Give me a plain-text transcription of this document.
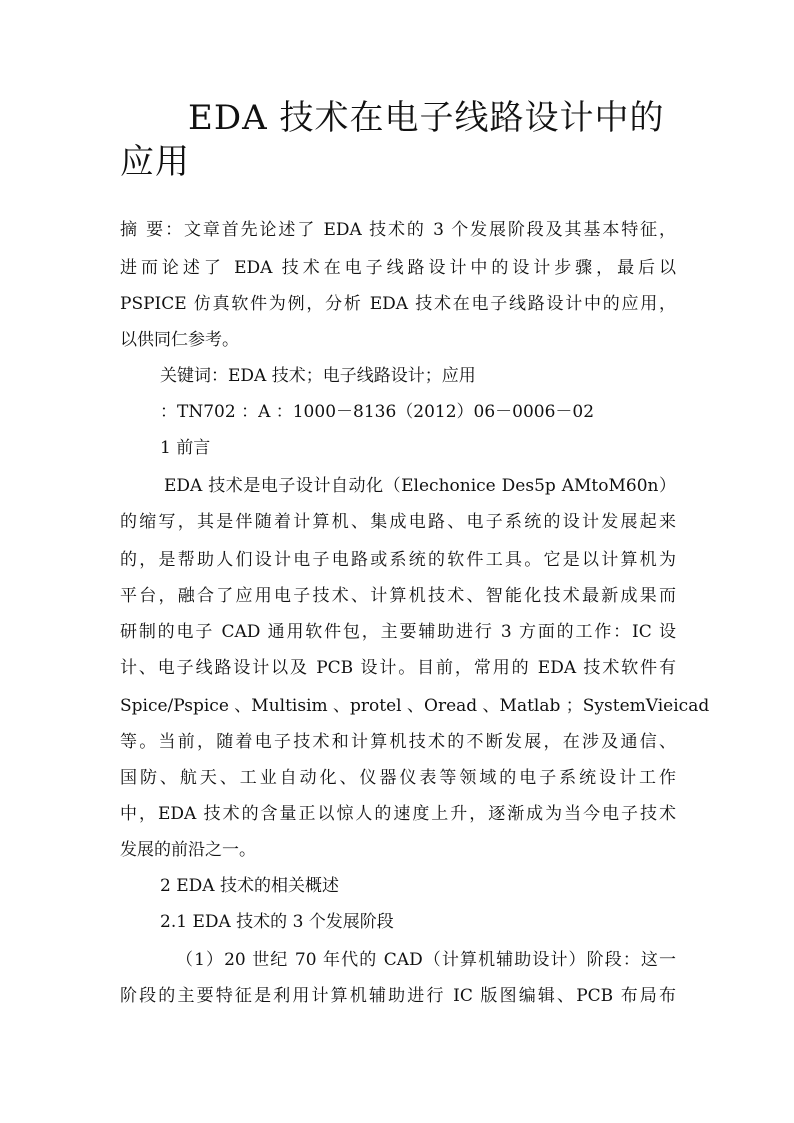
EDA 技术在电子线路设计中的应用
摘 要：文章首先论述了 EDA 技术的 3 个发展阶段及其基本特征，
进而论述了 EDA 技术在电子线路设计中的设计步骤，最后以
PSPICE 仿真软件为例，分析 EDA 技术在电子线路设计中的应用，
以供同仁参考。
关键词：EDA 技术；电子线路设计；应用
：TN702 ：A ：1000－8136（2012）06－0006－02
1 前言
EDA 技术是电子设计自动化（Elechonice Des5p AMtoM60n）
的缩写，其是伴随着计算机、集成电路、电子系统的设计发展起来
的，是帮助人们设计电子电路或系统的软件工具。它是以计算机为
平台，融合了应用电子技术、计算机技术、智能化技术最新成果而
研制的电子 CAD 通用软件包，主要辅助进行 3 方面的工作：IC 设
计、电子线路设计以及 PCB 设计。目前，常用的 EDA 技术软件有
Spice/Pspice 、Multisim 、protel 、Oread 、Matlab ；SystemVieicad
等。当前，随着电子技术和计算机技术的不断发展，在涉及通信、
国防、航天、工业自动化、仪器仪表等领域的电子系统设计工作
中，EDA 技术的含量正以惊人的速度上升，逐渐成为当今电子技术
发展的前沿之一。
2 EDA 技术的相关概述
2.1 EDA 技术的 3 个发展阶段
（1）20 世纪 70 年代的 CAD（计算机辅助设计）阶段：这一
阶段的主要特征是利用计算机辅助进行 IC 版图编辑、PCB 布局布
